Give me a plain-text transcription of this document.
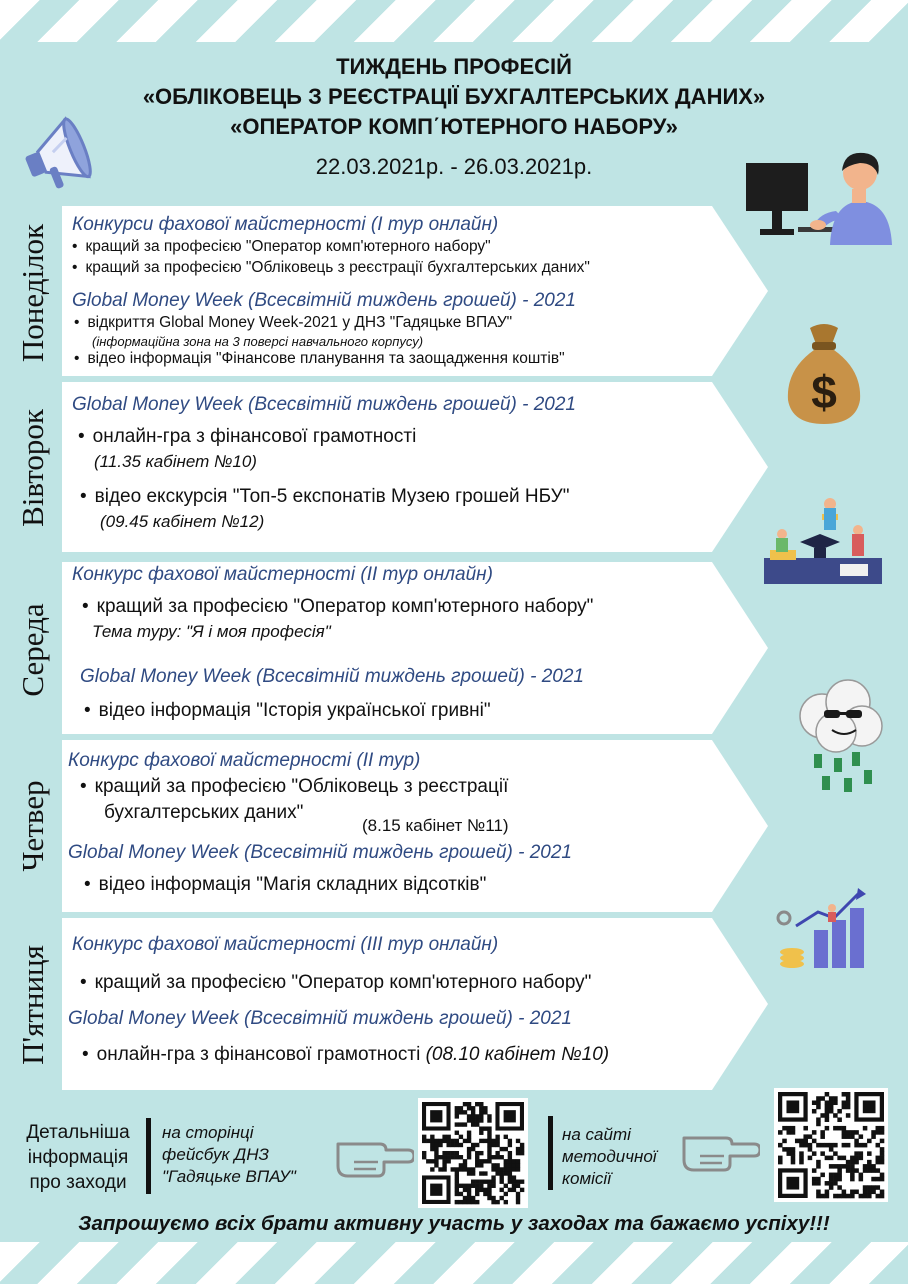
ТИЖДЕНЬ ПРОФЕСІЙ
«ОБЛІКОВЕЦЬ З РЕЄСТРАЦІЇ БУХГАЛТЕРСЬКИХ ДАНИХ»
«ОПЕРАТОР КОМП΄ЮТЕРНОГО НАБОРУ»
22.03.2021р. - 26.03.2021р.
Понеділок Конкурси фахової майстерності (І тур онлайн)
• кращий за професією "Оператор комп'ютерного набору"
• кращий за професією "Обліковець з реєстрації бухгалтерських даних"
Global Money Week (Всесвітній тиждень грошей) - 2021
• відкриття Global Money Week-2021 у ДНЗ "Гадяцьке ВПАУ"
(інформаційна зона на 3 поверсі навчального корпусу)
• відео інформація "Фінансове планування та заощадження коштів"
$
Вівторок
Global Money Week (Всесвітній тиждень грошей) - 2021
• онлайн-гра з фінансової грамотності
(11.35 кабінет №10)
• відео екскурсія "Топ-5 експонатів Музею грошей НБУ"
(09.45 кабінет №12)
Середа
Конкурс фахової майстерності (ІІ тур онлайн)
• кращий за професією "Оператор комп'ютерного набору"
Тема туру: "Я і моя професія"
Global Money Week (Всесвітній тиждень грошей) - 2021
• відео інформація "Історія української гривні"
Четвер
Конкурс фахової майстерності (ІІ тур)
• кращий за професією "Обліковець з реєстрації
бухгалтерських даних"
(8.15 кабінет №11)
Global Money Week (Всесвітній тиждень грошей) - 2021
• відео інформація "Магія складних відсотків"
П'ятниця
Конкурс фахової майстерності (ІІІ тур онлайн)
• кращий за професією "Оператор комп'ютерного набору"
Global Money Week (Всесвітній тиждень грошей) - 2021
• онлайн-гра з фінансової грамотності (08.10 кабінет №10)
Детальніша
інформація
про заходи
на сторінці
фейсбук ДНЗ
"Гадяцьке ВПАУ"
на сайті
методичної
комісії
Запрошуємо всіх брати активну участь у заходах та бажаємо успіху!!!
